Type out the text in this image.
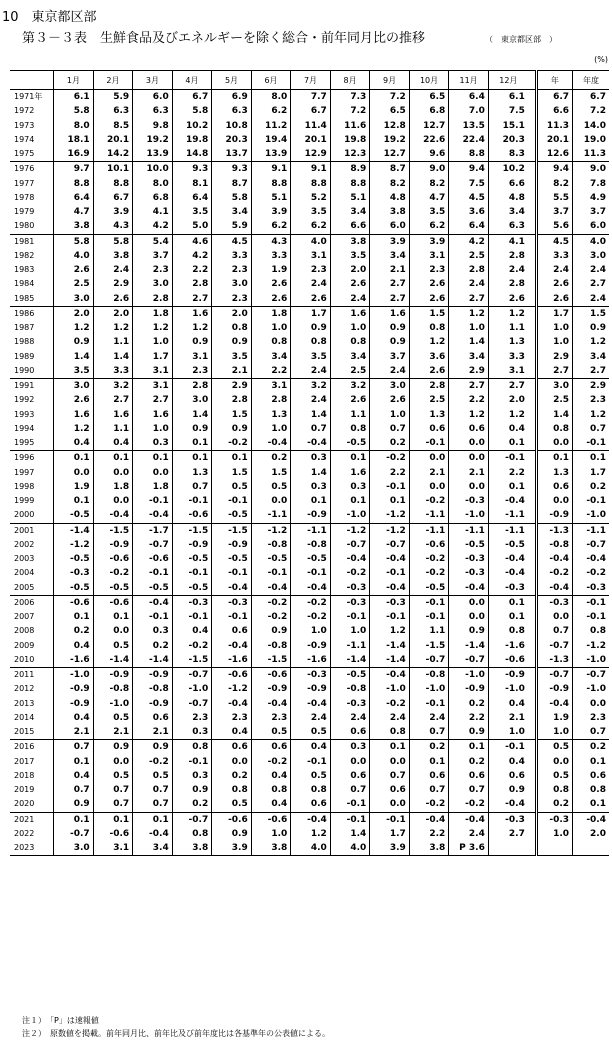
10　東京都区部
第３－３表　生鮮食品及びエネルギーを除く総合・前年同月比の推移	（　東京都区部　）
(%)
	1月	2月	3月	4月	5月	6月	7月	8月	9月	10月	11月	12月		年	年度
1971年	6.1	5.9	6.0	6.7	6.9	8.0	7.7	7.3	7.2	6.5	6.4	6.1		6.7	6.7
1972	5.8	6.3	6.3	5.8	6.3	6.2	6.7	7.2	6.5	6.8	7.0	7.5		6.6	7.2
1973	8.0	8.5	9.8	10.2	10.8	11.2	11.4	11.6	12.8	12.7	13.5	15.1		11.3	14.0
1974	18.1	20.1	19.2	19.8	20.3	19.4	20.1	19.8	19.2	22.6	22.4	20.3		20.1	19.0
1975	16.9	14.2	13.9	14.8	13.7	13.9	12.9	12.3	12.7	9.6	8.8	8.3		12.6	11.3
1976	9.7	10.1	10.0	9.3	9.3	9.1	9.1	8.9	8.7	9.0	9.4	10.2		9.4	9.0
1977	8.8	8.8	8.0	8.1	8.7	8.8	8.8	8.8	8.2	8.2	7.5	6.6		8.2	7.8
1978	6.4	6.7	6.8	6.4	5.8	5.1	5.2	5.1	4.8	4.7	4.5	4.8		5.5	4.9
1979	4.7	3.9	4.1	3.5	3.4	3.9	3.5	3.4	3.8	3.5	3.6	3.4		3.7	3.7
1980	3.8	4.3	4.2	5.0	5.9	6.2	6.2	6.6	6.0	6.2	6.4	6.3		5.6	6.0
1981	5.8	5.8	5.4	4.6	4.5	4.3	4.0	3.8	3.9	3.9	4.2	4.1		4.5	4.0
1982	4.0	3.8	3.7	4.2	3.3	3.3	3.1	3.5	3.4	3.1	2.5	2.8		3.3	3.0
1983	2.6	2.4	2.3	2.2	2.3	1.9	2.3	2.0	2.1	2.3	2.8	2.4		2.4	2.4
1984	2.5	2.9	3.0	2.8	3.0	2.6	2.4	2.6	2.7	2.6	2.4	2.8		2.6	2.7
1985	3.0	2.6	2.8	2.7	2.3	2.6	2.6	2.4	2.7	2.6	2.7	2.6		2.6	2.4
1986	2.0	2.0	1.8	1.6	2.0	1.8	1.7	1.6	1.6	1.5	1.2	1.2		1.7	1.5
1987	1.2	1.2	1.2	1.2	0.8	1.0	0.9	1.0	0.9	0.8	1.0	1.1		1.0	0.9
1988	0.9	1.1	1.0	0.9	0.9	0.8	0.8	0.8	0.9	1.2	1.4	1.3		1.0	1.2
1989	1.4	1.4	1.7	3.1	3.5	3.4	3.5	3.4	3.7	3.6	3.4	3.3		2.9	3.4
1990	3.5	3.3	3.1	2.3	2.1	2.2	2.4	2.5	2.4	2.6	2.9	3.1		2.7	2.7
1991	3.0	3.2	3.1	2.8	2.9	3.1	3.2	3.2	3.0	2.8	2.7	2.7		3.0	2.9
1992	2.6	2.7	2.7	3.0	2.8	2.8	2.4	2.6	2.6	2.5	2.2	2.0		2.5	2.3
1993	1.6	1.6	1.6	1.4	1.5	1.3	1.4	1.1	1.0	1.3	1.2	1.2		1.4	1.2
1994	1.2	1.1	1.0	0.9	0.9	1.0	0.7	0.8	0.7	0.6	0.6	0.4		0.8	0.7
1995	0.4	0.4	0.3	0.1	-0.2	-0.4	-0.4	-0.5	0.2	-0.1	0.0	0.1		0.0	-0.1
1996	0.1	0.1	0.1	0.1	0.1	0.2	0.3	0.1	-0.2	0.0	0.0	-0.1		0.1	0.1
1997	0.0	0.0	0.0	1.3	1.5	1.5	1.4	1.6	2.2	2.1	2.1	2.2		1.3	1.7
1998	1.9	1.8	1.8	0.7	0.5	0.5	0.3	0.3	-0.1	0.0	0.0	0.1		0.6	0.2
1999	0.1	0.0	-0.1	-0.1	-0.1	0.0	0.1	0.1	0.1	-0.2	-0.3	-0.4		0.0	-0.1
2000	-0.5	-0.4	-0.4	-0.6	-0.5	-1.1	-0.9	-1.0	-1.2	-1.1	-1.0	-1.1		-0.9	-1.0
2001	-1.4	-1.5	-1.7	-1.5	-1.5	-1.2	-1.1	-1.2	-1.2	-1.1	-1.1	-1.1		-1.3	-1.1
2002	-1.2	-0.9	-0.7	-0.9	-0.9	-0.8	-0.8	-0.7	-0.7	-0.6	-0.5	-0.5		-0.8	-0.7
2003	-0.5	-0.6	-0.6	-0.5	-0.5	-0.5	-0.5	-0.4	-0.4	-0.2	-0.3	-0.4		-0.4	-0.4
2004	-0.3	-0.2	-0.1	-0.1	-0.1	-0.1	-0.1	-0.2	-0.1	-0.2	-0.3	-0.4		-0.2	-0.2
2005	-0.5	-0.5	-0.5	-0.5	-0.4	-0.4	-0.4	-0.3	-0.4	-0.5	-0.4	-0.3		-0.4	-0.3
2006	-0.6	-0.6	-0.4	-0.3	-0.3	-0.2	-0.2	-0.3	-0.3	-0.1	0.0	0.1		-0.3	-0.1
2007	0.1	0.1	-0.1	-0.1	-0.1	-0.2	-0.2	-0.1	-0.1	-0.1	0.0	0.1		0.0	-0.1
2008	0.2	0.0	0.3	0.4	0.6	0.9	1.0	1.0	1.2	1.1	0.9	0.8		0.7	0.8
2009	0.4	0.5	0.2	-0.2	-0.4	-0.8	-0.9	-1.1	-1.4	-1.5	-1.4	-1.6		-0.7	-1.2
2010	-1.6	-1.4	-1.4	-1.5	-1.6	-1.5	-1.6	-1.4	-1.4	-0.7	-0.7	-0.6		-1.3	-1.0
2011	-1.0	-0.9	-0.9	-0.7	-0.6	-0.6	-0.3	-0.5	-0.4	-0.8	-1.0	-0.9		-0.7	-0.7
2012	-0.9	-0.8	-0.8	-1.0	-1.2	-0.9	-0.9	-0.8	-1.0	-1.0	-0.9	-1.0		-0.9	-1.0
2013	-0.9	-1.0	-0.9	-0.7	-0.4	-0.4	-0.4	-0.3	-0.2	-0.1	0.2	0.4		-0.4	0.0
2014	0.4	0.5	0.6	2.3	2.3	2.3	2.4	2.4	2.4	2.4	2.2	2.1		1.9	2.3
2015	2.1	2.1	2.1	0.3	0.4	0.5	0.5	0.6	0.8	0.7	0.9	1.0		1.0	0.7
2016	0.7	0.9	0.9	0.8	0.6	0.6	0.4	0.3	0.1	0.2	0.1	-0.1		0.5	0.2
2017	0.1	0.0	-0.2	-0.1	0.0	-0.2	-0.1	0.0	0.0	0.1	0.2	0.4		0.0	0.1
2018	0.4	0.5	0.5	0.3	0.2	0.4	0.5	0.6	0.7	0.6	0.6	0.6		0.5	0.6
2019	0.7	0.7	0.7	0.9	0.8	0.8	0.8	0.7	0.6	0.7	0.7	0.9		0.8	0.8
2020	0.9	0.7	0.7	0.2	0.5	0.4	0.6	-0.1	0.0	-0.2	-0.2	-0.4		0.2	0.1
2021	0.1	0.1	0.1	-0.7	-0.6	-0.6	-0.4	-0.1	-0.1	-0.4	-0.4	-0.3		-0.3	-0.4
2022	-0.7	-0.6	-0.4	0.8	0.9	1.0	1.2	1.4	1.7	2.2	2.4	2.7		1.0	2.0
2023	3.0	3.1	3.4	3.8	3.9	3.8	4.0	4.0	3.9	3.8	P 3.6				
注１）　「P」は速報値
注２）　原数値を掲載。前年同月比、前年比及び前年度比は各基準年の公表値による。
